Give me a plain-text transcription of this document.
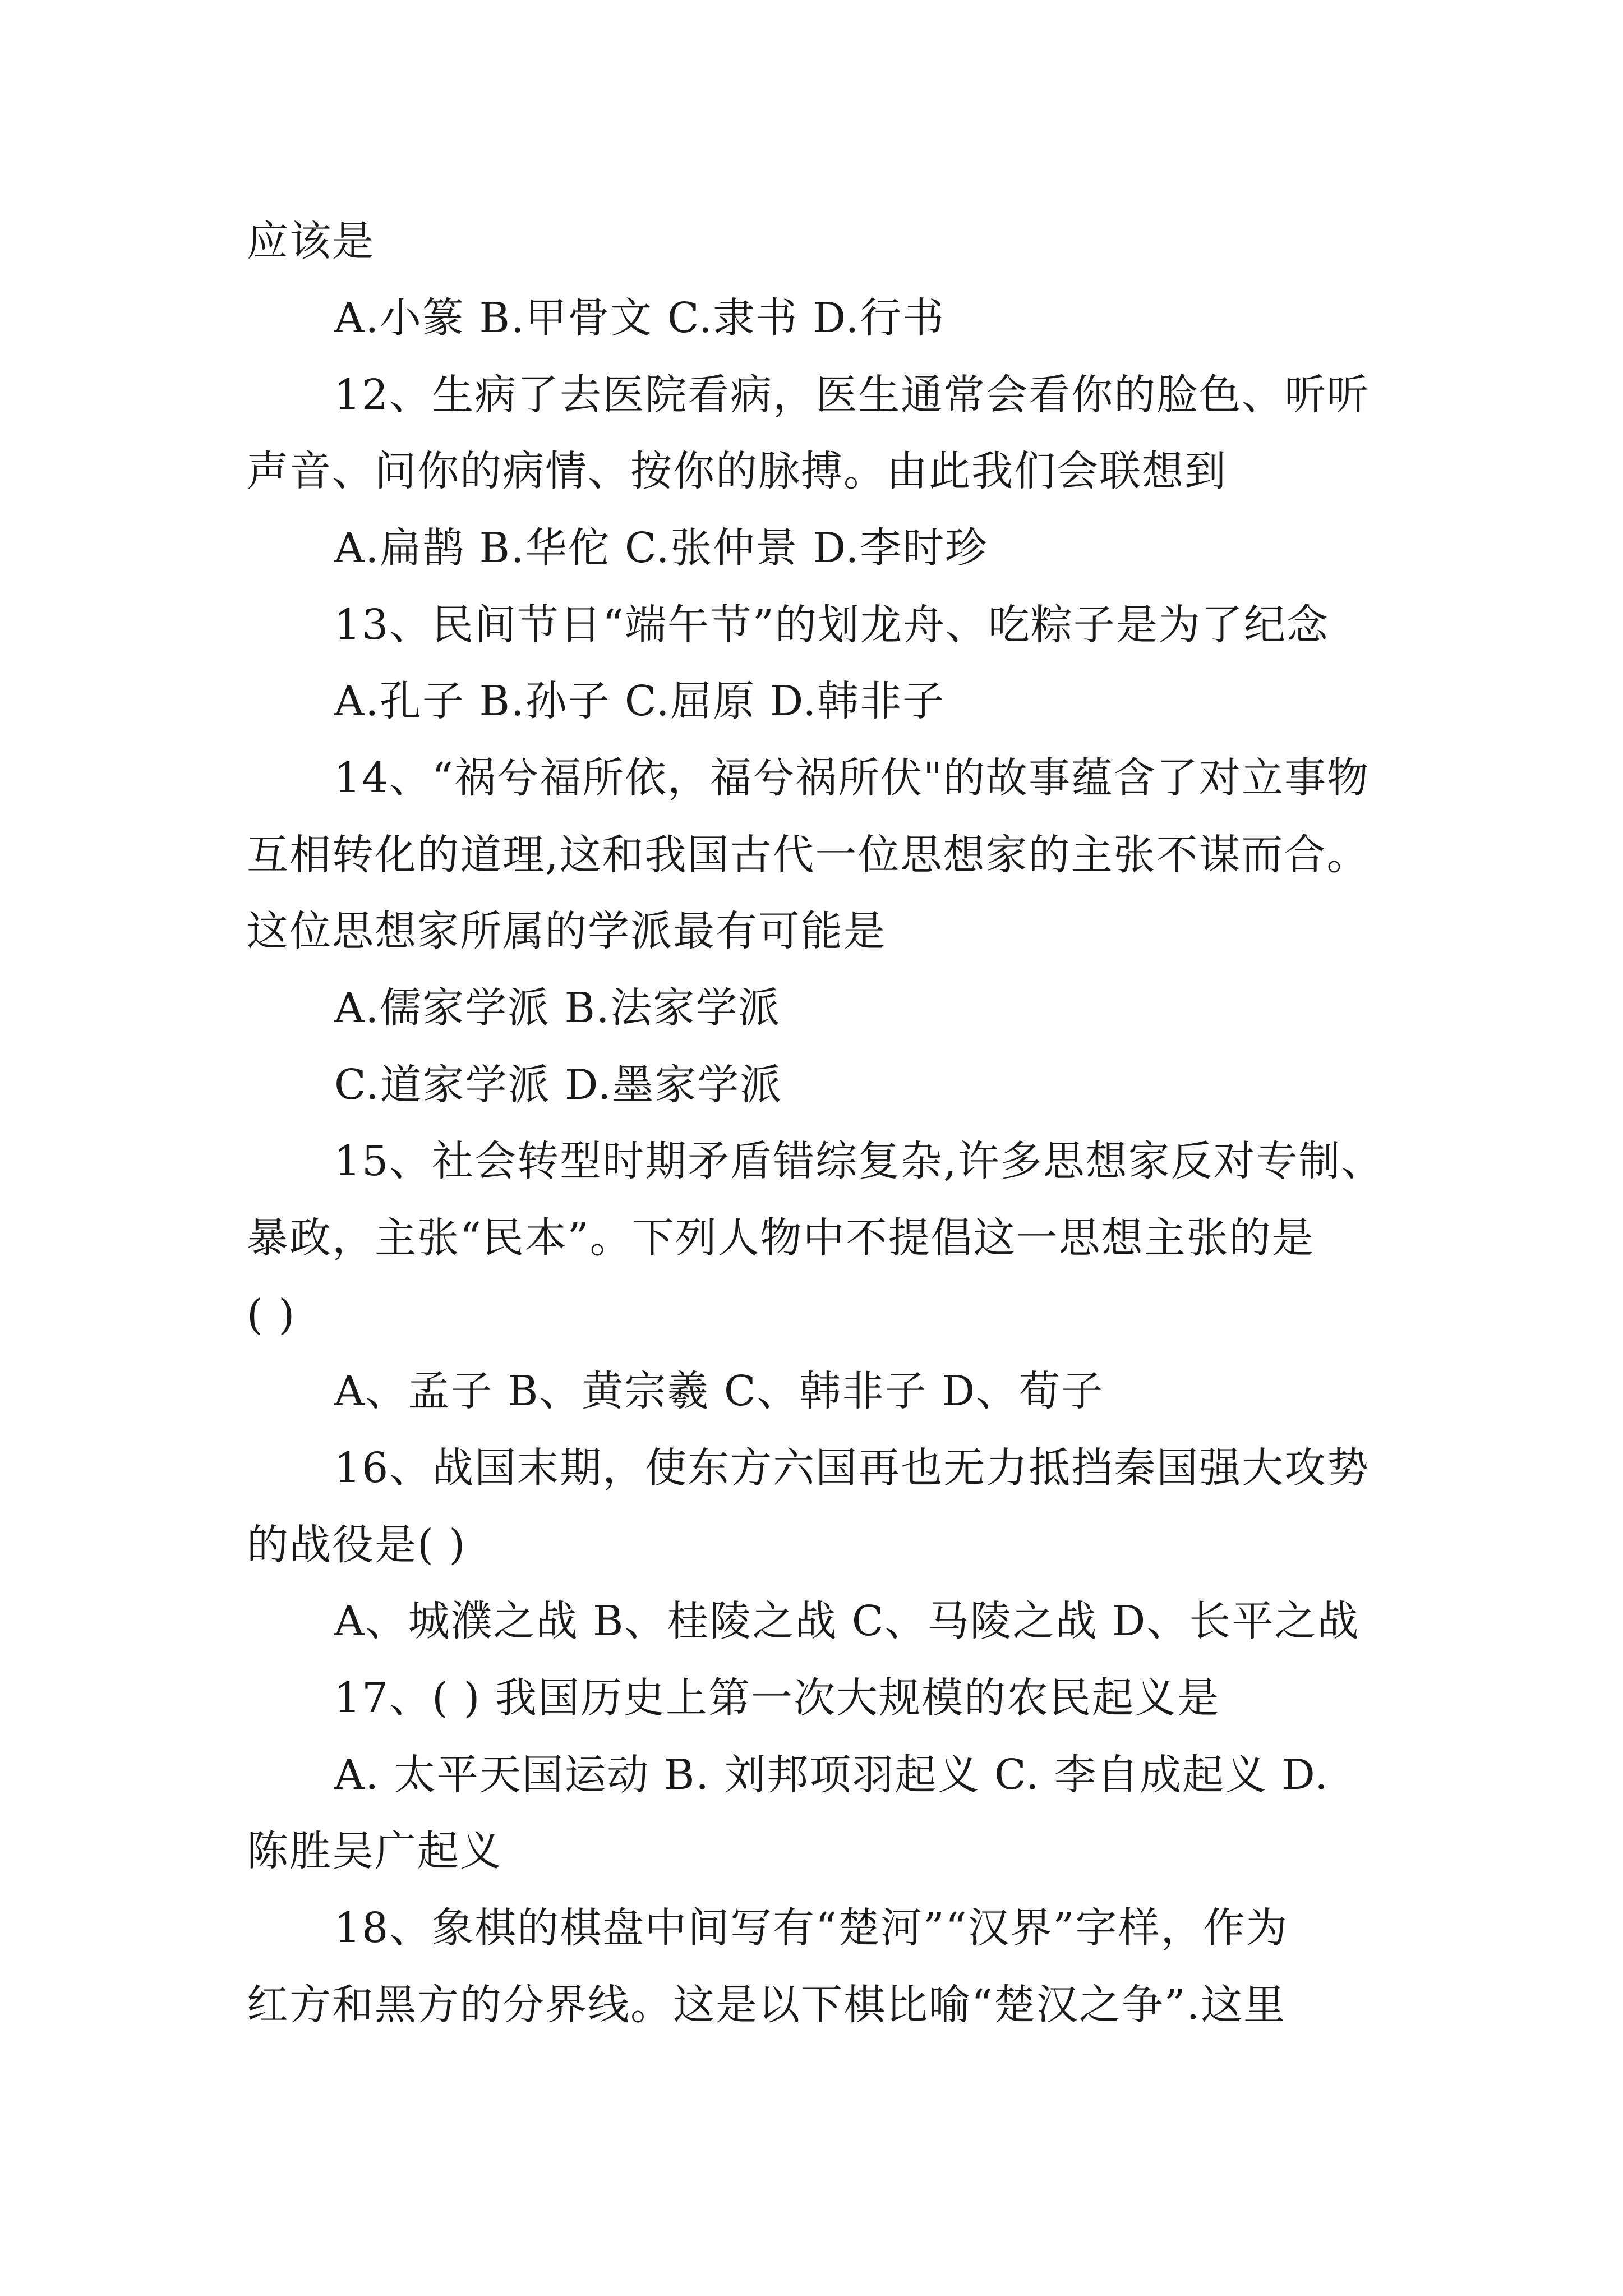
应该是
A.小篆 B.甲骨文 C.隶书 D.行书
12、生病了去医院看病，医生通常会看你的脸色、听听
声音、问你的病情、按你的脉搏。由此我们会联想到
A.扁鹊 B.华佗 C.张仲景 D.李时珍
13、民间节日“端午节”的划龙舟、吃粽子是为了纪念
A.孔子 B.孙子 C.屈原 D.韩非子
14、“祸兮福所依，福兮祸所伏"的故事蕴含了对立事物
互相转化的道理,这和我国古代一位思想家的主张不谋而合。
这位思想家所属的学派最有可能是
A.儒家学派 B.法家学派
C.道家学派 D.墨家学派
15、社会转型时期矛盾错综复杂,许多思想家反对专制、
暴政，主张“民本”。下列人物中不提倡这一思想主张的是
( )
A、孟子 B、黄宗羲 C、韩非子 D、荀子
16、战国末期，使东方六国再也无力抵挡秦国强大攻势
的战役是( )
A、城濮之战 B、桂陵之战 C、马陵之战 D、长平之战
17、( ) 我国历史上第一次大规模的农民起义是
A. 太平天国运动 B. 刘邦项羽起义 C. 李自成起义 D.
陈胜吴广起义
18、象棋的棋盘中间写有“楚河”“汉界”字样，作为
红方和黑方的分界线。这是以下棋比喻“楚汉之争”.这里
